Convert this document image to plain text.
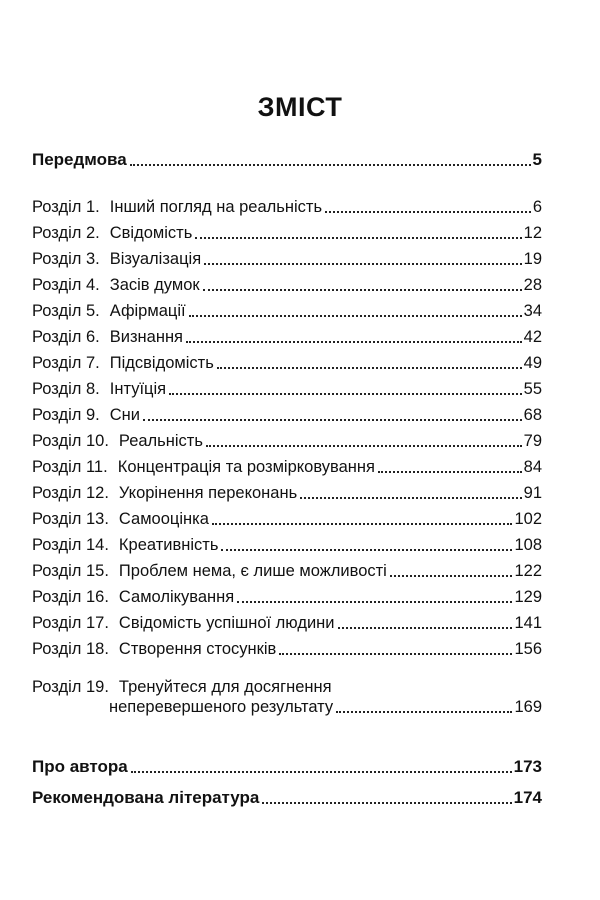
ЗМІСТ
Передмова	5
Розділ 1. Інший погляд на реальність	6
Розділ 2. Свідомість	12
Розділ 3. Візуалізація	19
Розділ 4. Засів думок	28
Розділ 5. Афірмації	34
Розділ 6. Визнання	42
Розділ 7. Підсвідомість	49
Розділ 8. Інтуїція	55
Розділ 9. Сни	68
Розділ 10. Реальність	79
Розділ 11. Концентрація та розмірковування	84
Розділ 12. Укорінення переконань	91
Розділ 13. Самооцінка	102
Розділ 14. Креативність	108
Розділ 15. Проблем нема, є лише можливості	122
Розділ 16. Самолікування	129
Розділ 17. Свідомість успішної людини	141
Розділ 18. Створення стосунків	156
Розділ 19. Тренуйтеся для досягнення
неперевершеного результату	169
Про автора	173
Рекомендована література	174
